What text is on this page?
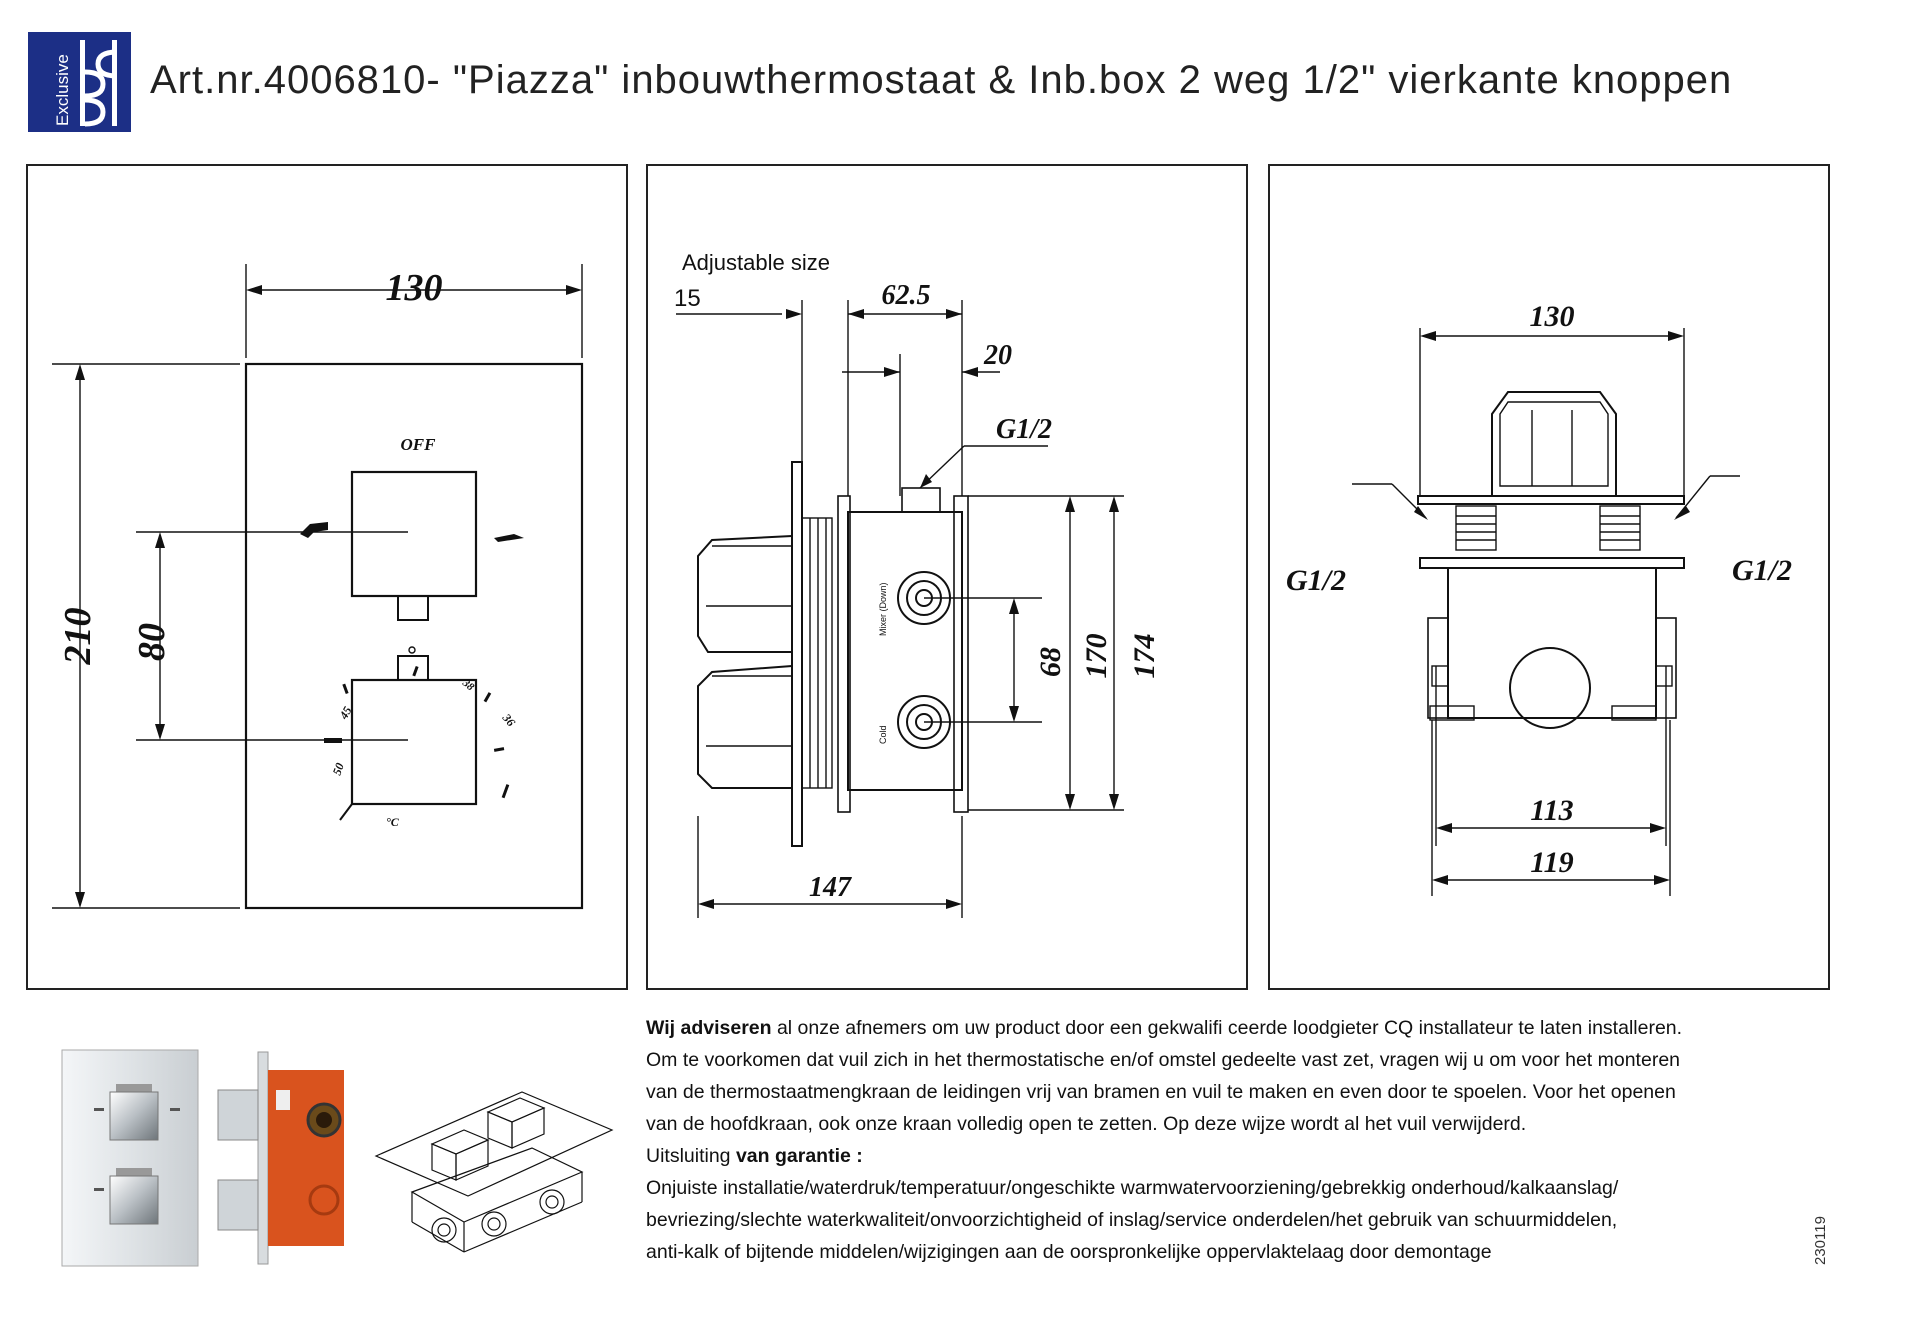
Exclusive Art.nr.4006810- "Piazza" inbouwthermostaat & Inb.box 2 weg 1/2" vierkante knoppen
130
210 80
OFF
38
36
45
50
°C
Adjustable size
15	62.5
20
G1/2
Mixer (Down)
Cold
68 170 174
147
130
G1/2	G1/2
113
119

Wij adviseren al onze afnemers om uw product door een gekwalifi ceerde loodgieter CQ installateur te laten installeren.

Om te voorkomen dat vuil zich in het thermostatische en/of omstel gedeelte vast zet, vragen wij u om voor het monteren

van de thermostaatmengkraan de leidingen vrij van bramen en vuil te maken en even door te spoelen. Voor het openen

van de hoofdkraan, ook onze kraan volledig open te zetten. Op deze wijze wordt al het vuil verwijderd.

Uitsluiting van garantie :

Onjuiste installatie/waterdruk/temperatuur/ongeschikte warmwatervoorziening/gebrekkig onderhoud/kalkaanslag/

bevriezing/slechte waterkwaliteit/onvoorzichtigheid of inslag/service onderdelen/het gebruik van schuurmiddelen,

anti-kalk of bijtende middelen/wijzigingen aan de oorspronkelijke oppervlaktelaag door demontage	230119
